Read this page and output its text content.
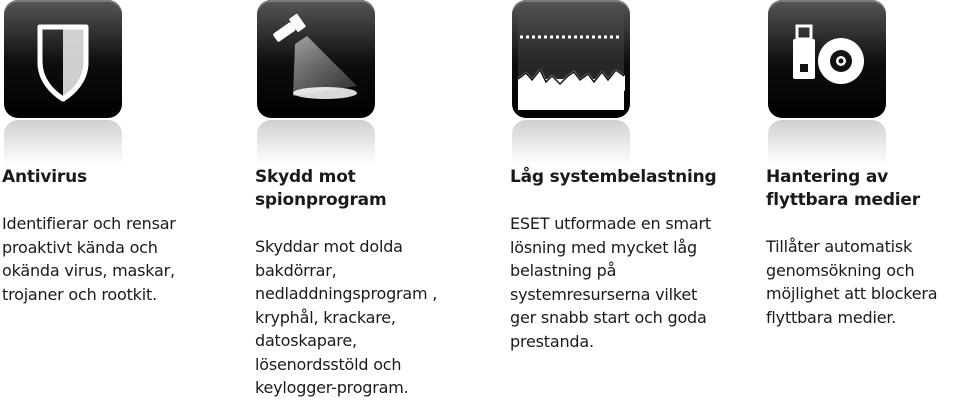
Antivirus

Identifierar och rensar proaktivt kända och okända virus, maskar, trojaner och rootkit.

Skydd mot spionprogram

Skyddar mot dolda bakdörrar, nedladdningsprogram , kryphål, krackare, datoskapare, lösenordsstöld och keylogger-program.

Låg systembelastning

ESET utformade en smart lösning med mycket låg belastning på systemresurserna vilket ger snabb start och goda prestanda.

Hantering av flyttbara medier

Tillåter automatisk genomsökning och möjlighet att blockera flyttbara medier.
